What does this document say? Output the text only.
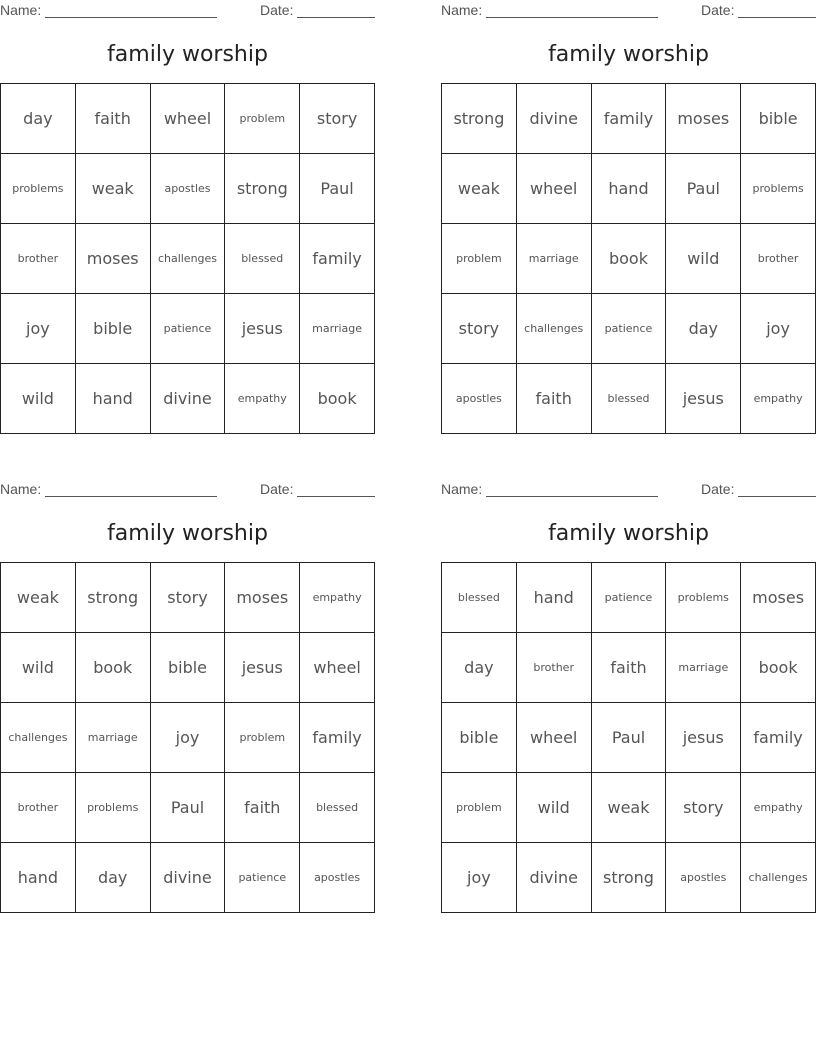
Name:	Date:
family worship
day	faith	wheel	problem	story
problems	weak	apostles	strong	Paul
brother	moses	challenges	blessed	family
joy	bible	patience	jesus	marriage
wild	hand	divine	empathy	book
Name:	Date:
family worship
strong	divine	family	moses	bible
weak	wheel	hand	Paul	problems
problem	marriage	book	wild	brother
story	challenges	patience	day	joy
apostles	faith	blessed	jesus	empathy
Name:	Date:
family worship
weak	strong	story	moses	empathy
wild	book	bible	jesus	wheel
challenges	marriage	joy	problem	family
brother	problems	Paul	faith	blessed
hand	day	divine	patience	apostles
Name:	Date:
family worship
blessed	hand	patience	problems	moses
day	brother	faith	marriage	book
bible	wheel	Paul	jesus	family
problem	wild	weak	story	empathy
joy	divine	strong	apostles	challenges
